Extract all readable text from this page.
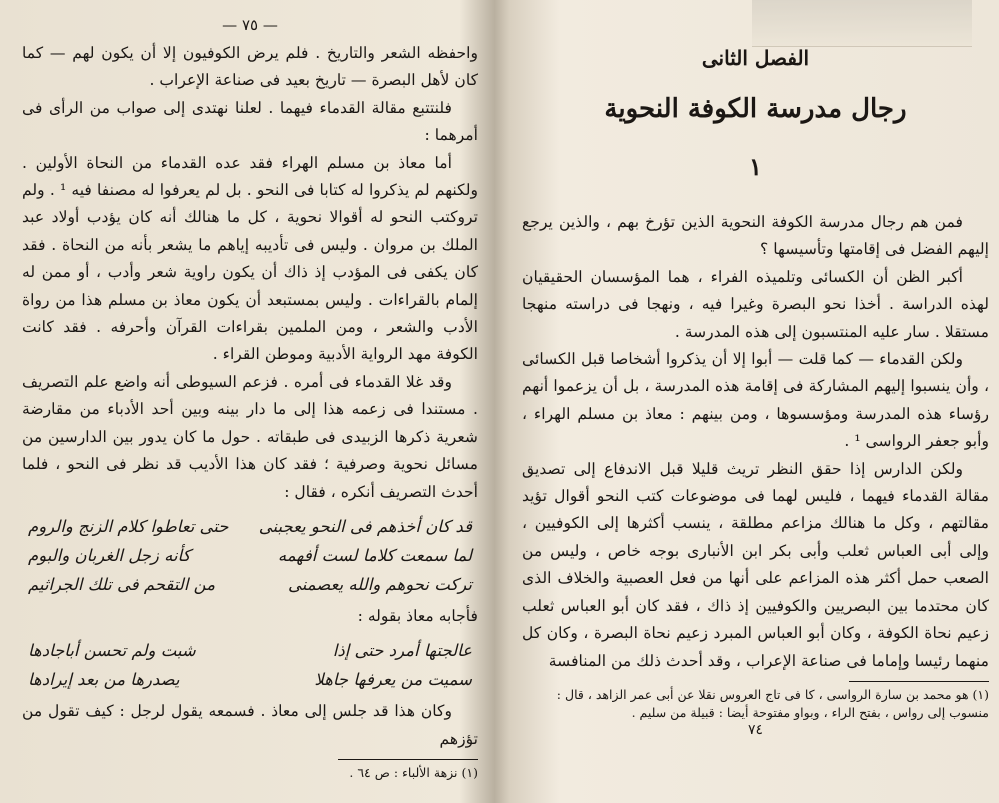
— ٧٥ —

واحفظه الشعر والتاريخ . فلم يرض الكوفيون إلا أن يكون لهم — كما كان لأهل البصرة — تاريخ بعيد فى صناعة الإعراب .

فلنتتبع مقالة القدماء فيهما . لعلنا نهتدى إلى صواب من الرأى فى أمرهما :

أما معاذ بن مسلم الهراء فقد عده القدماء من النحاة الأولين . ولكنهم لم يذكروا له كتابا فى النحو . بل لم يعرفوا له مصنفا فيه ¹ . ولم تروكتب النحو له أقوالا نحوية ، كل ما هنالك أنه كان يؤدب أولاد عبد الملك بن مروان . وليس فى تأديبه إياهم ما يشعر بأنه من النحاة . فقد كان يكفى فى المؤدب إذ ذاك أن يكون راوية شعر وأدب ، أو ممن له إلمام بالقراءات . وليس بمستبعد أن يكون معاذ بن مسلم هذا من رواة الأدب والشعر ، ومن الملمين بقراءات القرآن وأحرفه . فقد كانت الكوفة مهد الرواية الأدبية وموطن القراء .

وقد غلا القدماء فى أمره . فزعم السيوطى أنه واضع علم التصريف . مستندا فى زعمه هذا إلى ما دار بينه وبين أحد الأدباء من مقارضة شعرية ذكرها الزبيدى فى طبقاته . حول ما كان يدور بين الدارسين من مسائل نحوية وصرفية ؛ فقد كان هذا الأديب قد نظر فى النحو ، فلما أحدث التصريف أنكره ، فقال :

قد كان أخذهم فى النحو يعجبنى
حتى تعاطوا كلام الزنج والروم
لما سمعت كلاما لست أفهمه
كأنه زجل الغربان والبوم
تركت نحوهم والله يعصمنى
من التقحم فى تلك الجراثيم

فأجابه معاذ بقوله :

عالجتها أمرد حتى إذا
شبت ولم تحسن أباجادها
سميت من يعرفها جاهلا
يصدرها من بعد إيرادها

وكان هذا قد جلس إلى معاذ . فسمعه يقول لرجل : كيف تقول من تؤزهم

(١) نزهة الألباء : ص ٦٤ .

الفصل الثانى
رجال مدرسة الكوفة النحوية
١

فمن هم رجال مدرسة الكوفة النحوية الذين تؤرخ بهم ، والذين يرجع إليهم الفضل فى إقامتها وتأسيسها ؟

أكبر الظن أن الكسائى وتلميذه الفراء ، هما المؤسسان الحقيقيان لهذه الدراسة . أخذا نحو البصرة وغيرا فيه ، ونهجا فى دراسته منهجا مستقلا . سار عليه المنتسبون إلى هذه المدرسة .

ولكن القدماء — كما قلت — أبوا إلا أن يذكروا أشخاصا قبل الكسائى ، وأن ينسبوا إليهم المشاركة فى إقامة هذه المدرسة ، بل أن يزعموا أنهم رؤساء هذه المدرسة ومؤسسوها ، ومن بينهم : معاذ بن مسلم الهراء ، وأبو جعفر الرواسى ¹ .

ولكن الدارس إذا حقق النظر تريث قليلا قبل الاندفاع إلى تصديق مقالة القدماء فيهما ، فليس لهما فى موضوعات كتب النحو أقوال تؤيد مقالتهم ، وكل ما هنالك مزاعم مطلقة ، ينسب أكثرها إلى الكوفيين ، وإلى أبى العباس ثعلب وأبى بكر ابن الأنبارى بوجه خاص ، وليس من الصعب حمل أكثر هذه المزاعم على أنها من فعل العصبية والخلاف الذى كان محتدما بين البصريين والكوفيين إذ ذاك ، فقد كان أبو العباس ثعلب زعيم نحاة الكوفة ، وكان أبو العباس المبرد زعيم نحاة البصرة ، وكان كل منهما رئيسا وإماما فى صناعة الإعراب ، وقد أحدث ذلك من المنافسة

(١) هو محمد بن سارة الرواسى ، كا فى تاج العروس نقلا عن أبى عمر الزاهد ، قال : منسوب إلى رواس ، بفتح الراء ، وبواو مفتوحة أيضا : قبيلة من سليم .

٧٤
